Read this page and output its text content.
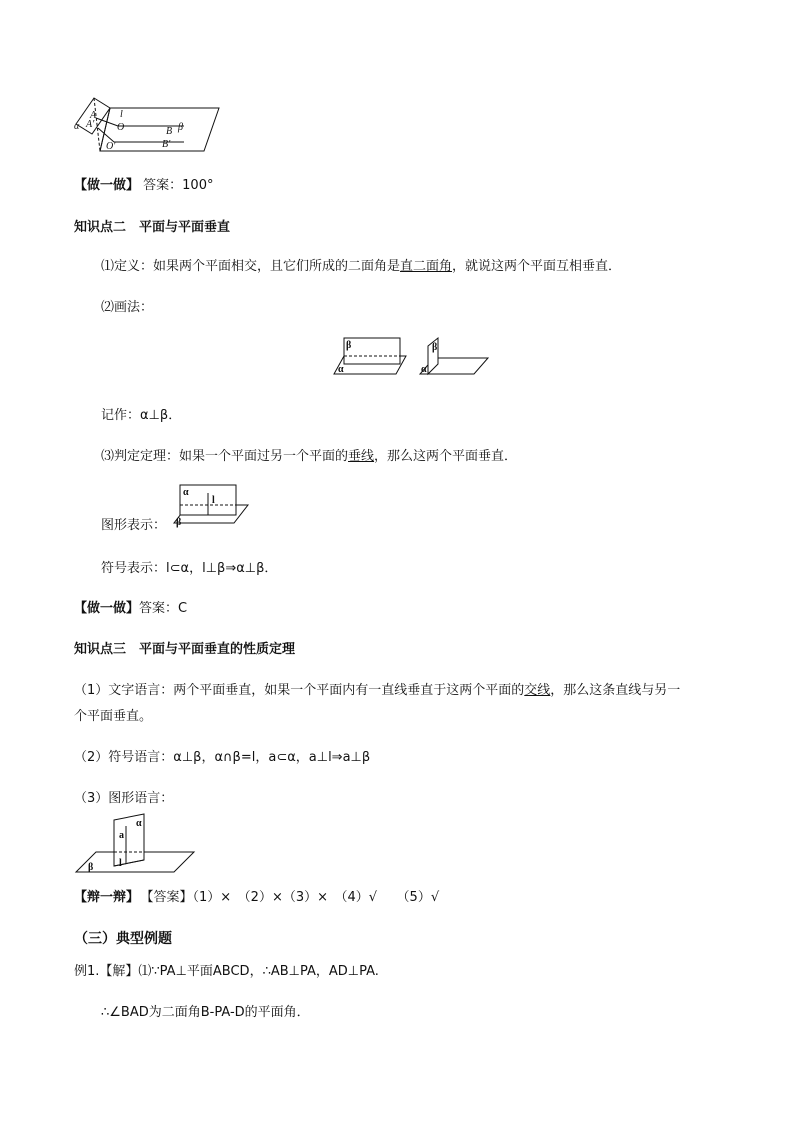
α
A
A′
l
O	B β
O′	B′
【做一做】 答案：100°
知识点二　平面与平面垂直
⑴定义：如果两个平面相交，且它们所成的二面角是直二面角，就说这两个平面互相垂直．
⑵画法：
β
α
β
α
记作：α⊥β．
⑶判定定理：如果一个平面过另一个平面的垂线，那么这两个平面垂直．
图形表示：
α
l
β
符号表示：l⊂α，l⊥β⇒α⊥β．
【做一做】答案：C
知识点三　平面与平面垂直的性质定理
（1）文字语言：两个平面垂直，如果一个平面内有一直线垂直于这两个平面的交线，那么这条直线与另一
个平面垂直。
（2）符号语言：α⊥β，α∩β=l，a⊂α，a⊥l⇒a⊥β
（3）图形语言：
α
a
l
β
【辩一辩】 【答案】（1）×　（2）×（3）×　（4）√　　（5）√
（三）典型例题
例1.【解】⑴∵PA⊥平面ABCD，∴AB⊥PA，AD⊥PA.
∴∠BAD为二面角B-PA-D的平面角．
